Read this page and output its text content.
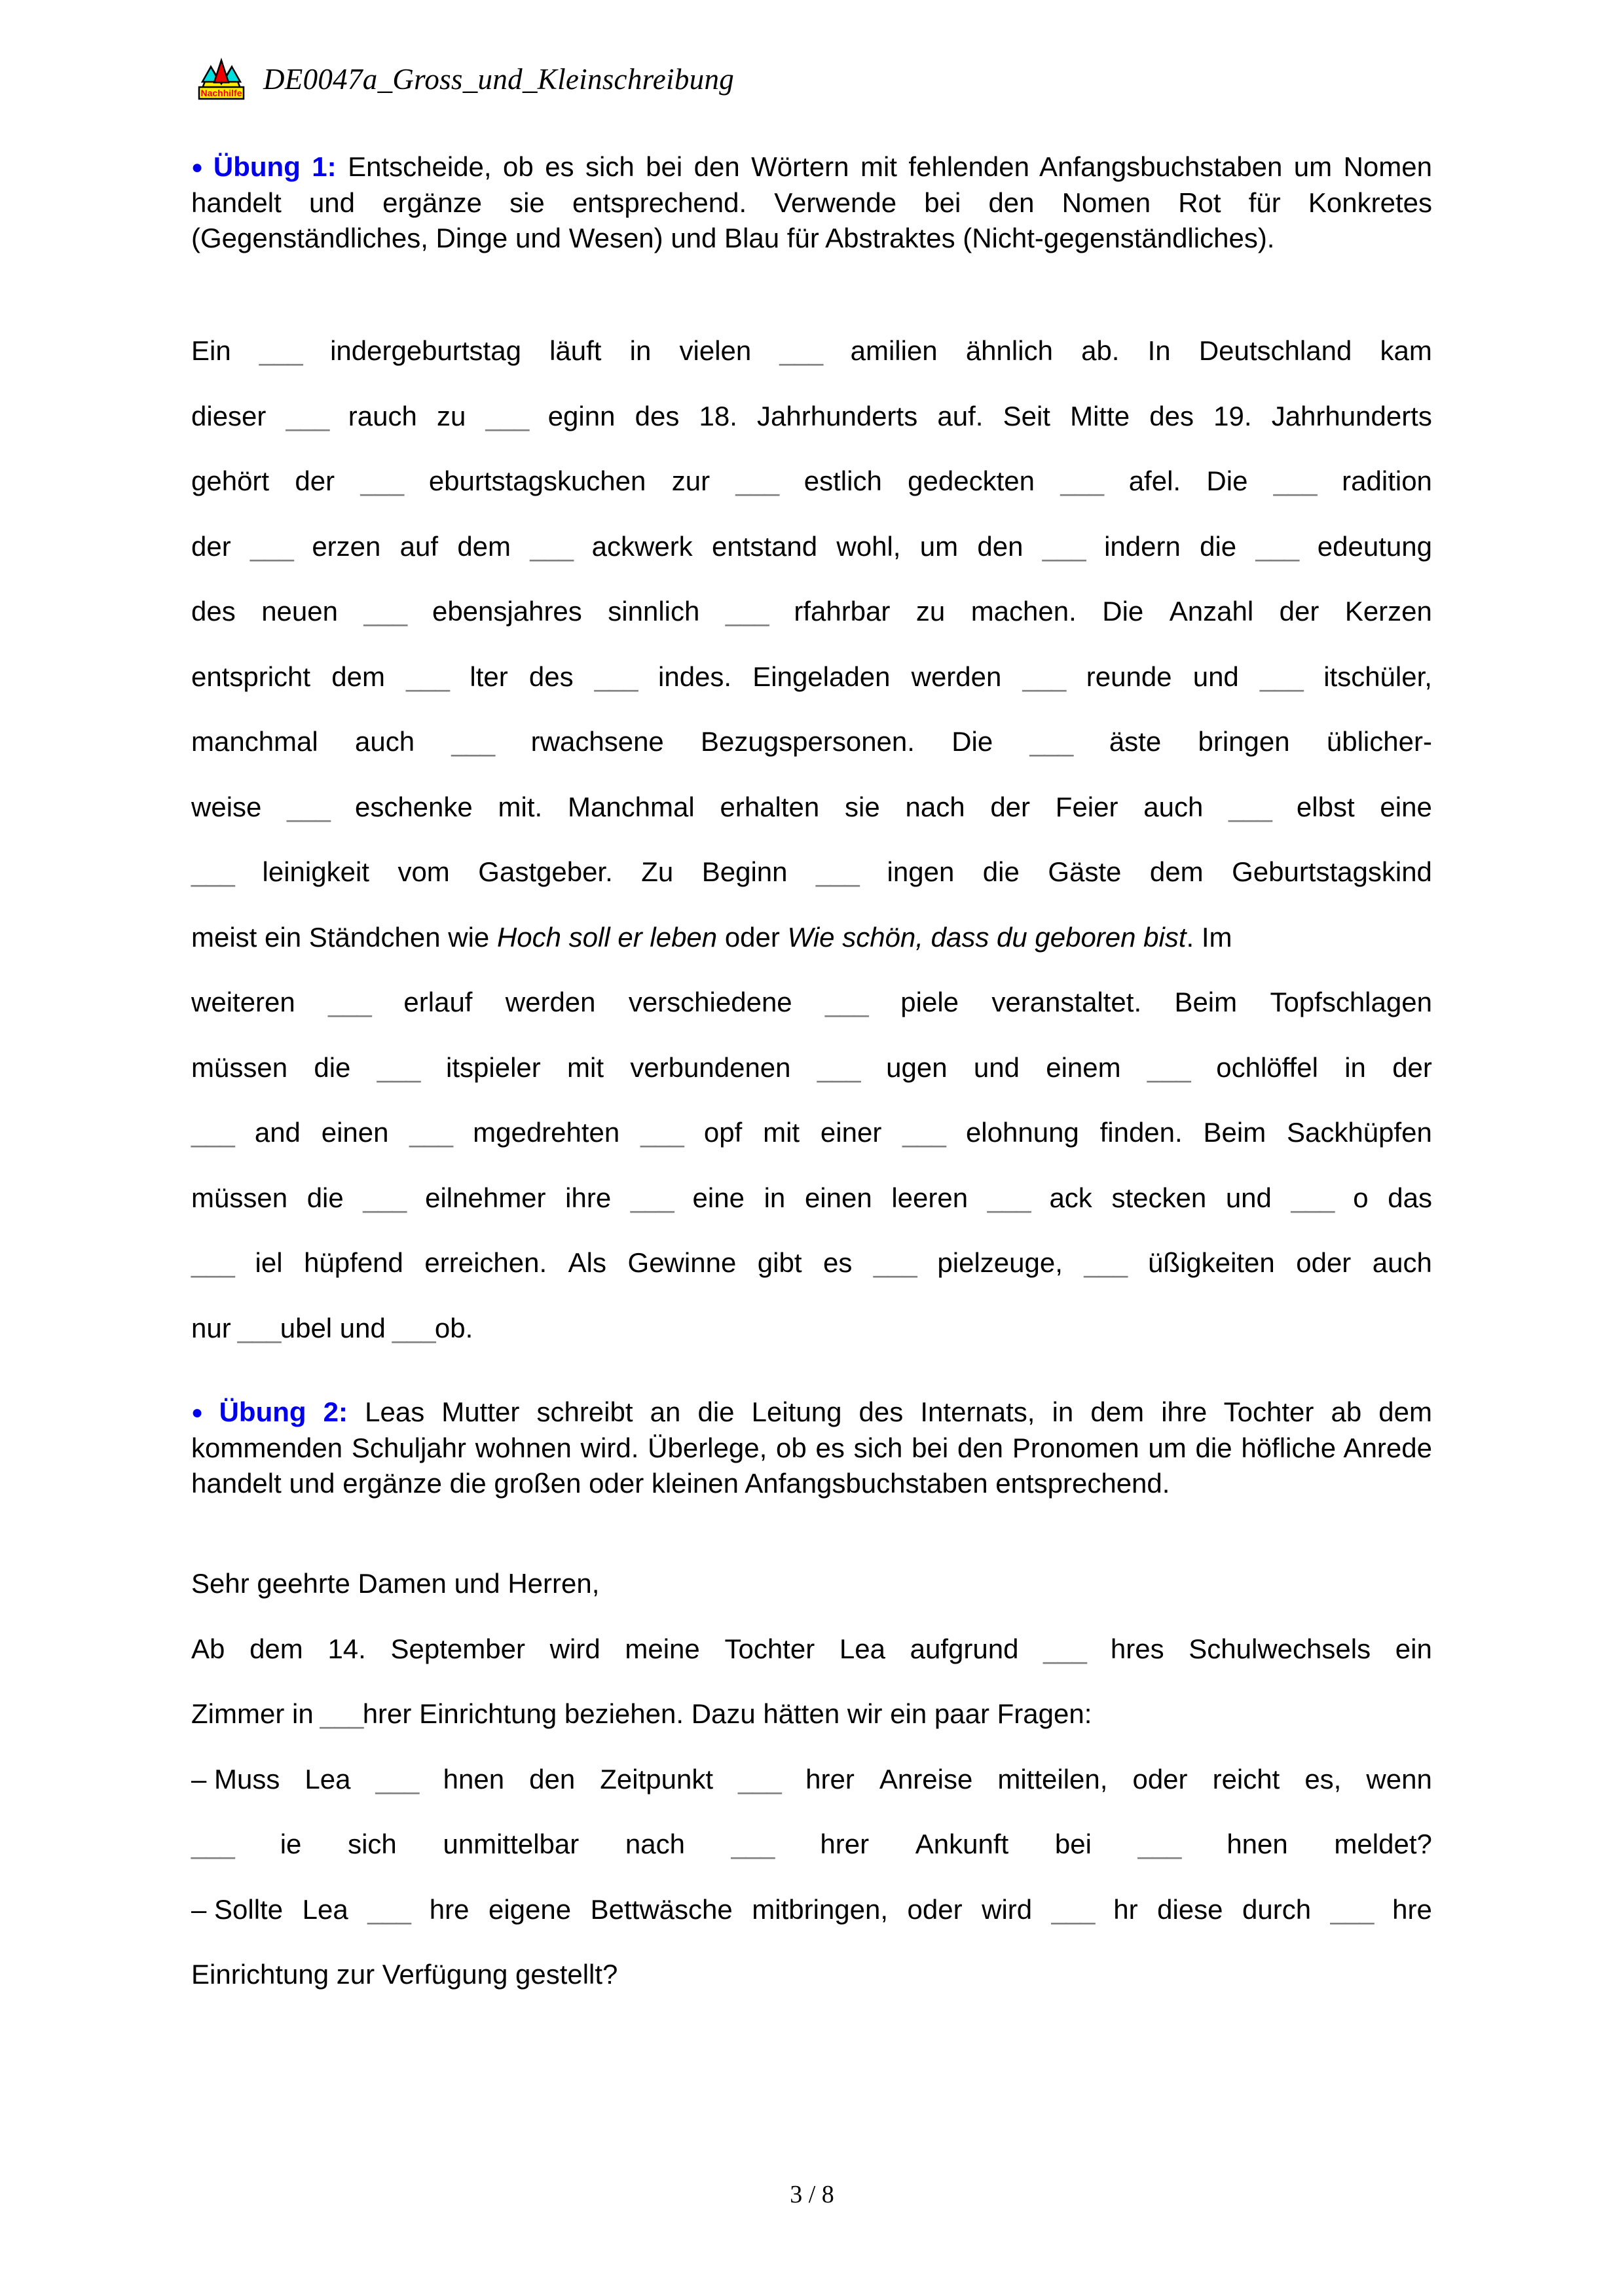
Nachhilfe DE0047a_Gross_und_Kleinschreibung

● Übung 1: Entscheide, ob es sich bei den Wörtern mit fehlenden Anfangsbuchstaben um Nomen handelt und ergänze sie entsprechend. Verwende bei den Nomen Rot für Konkretes (Gegenständliches, Dinge und Wesen) und Blau für Abstraktes (Nicht-gegenständliches).

Ein ___ indergeburtstag läuft in vielen ___ amilien ähnlich ab. In Deutschland kam
dieser ___ rauch zu ___ eginn des 18. Jahrhunderts auf. Seit Mitte des 19. Jahrhunderts
gehört der ___ eburtstagskuchen zur ___ estlich gedeckten ___ afel. Die ___ radition
der ___ erzen auf dem ___ ackwerk entstand wohl, um den ___ indern die ___ edeutung
des neuen ___ ebensjahres sinnlich ___ rfahrbar zu machen. Die Anzahl der Kerzen
entspricht dem ___ lter des ___ indes. Eingeladen werden ___ reunde und ___ itschüler,
manchmal auch ___ rwachsene Bezugspersonen. Die ___ äste bringen üblicher-
weise ___ eschenke mit. Manchmal erhalten sie nach der Feier auch ___ elbst eine
___ leinigkeit vom Gastgeber. Zu Beginn ___ ingen die Gäste dem Geburtstagskind
meist ein Ständchen wie Hoch soll er leben oder Wie schön, dass du geboren bist . Im
weiteren ___ erlauf werden verschiedene ___ piele veranstaltet. Beim Topfschlagen
müssen die ___ itspieler mit verbundenen ___ ugen und einem ___ ochlöffel in der
___ and einen ___ mgedrehten ___ opf mit einer ___ elohnung finden. Beim Sackhüpfen
müssen die ___ eilnehmer ihre ___ eine in einen leeren ___ ack stecken und ___ o das
___ iel hüpfend erreichen. Als Gewinne gibt es ___ pielzeuge, ___ üßigkeiten oder auch
nur ___ ubel und ___ ob.

● Übung 2: Leas Mutter schreibt an die Leitung des Internats, in dem ihre Tochter ab dem kommenden Schuljahr wohnen wird. Überlege, ob es sich bei den Pronomen um die höfliche Anrede handelt und ergänze die großen oder kleinen Anfangsbuchstaben entsprechend.

Sehr geehrte Damen und Herren,
Ab dem 14. September wird meine Tochter Lea aufgrund ___ hres Schulwechsels ein
Zimmer in ___ hrer Einrichtung beziehen. Dazu hätten wir ein paar Fragen:
– Muss Lea ___ hnen den Zeitpunkt ___ hrer Anreise mitteilen, oder reicht es, wenn
___ ie sich unmittelbar nach ___ hrer Ankunft bei ___ hnen meldet?
– Sollte Lea ___ hre eigene Bettwäsche mitbringen, oder wird ___ hr diese durch ___ hre
Einrichtung zur Verfügung gestellt?
3 / 8
